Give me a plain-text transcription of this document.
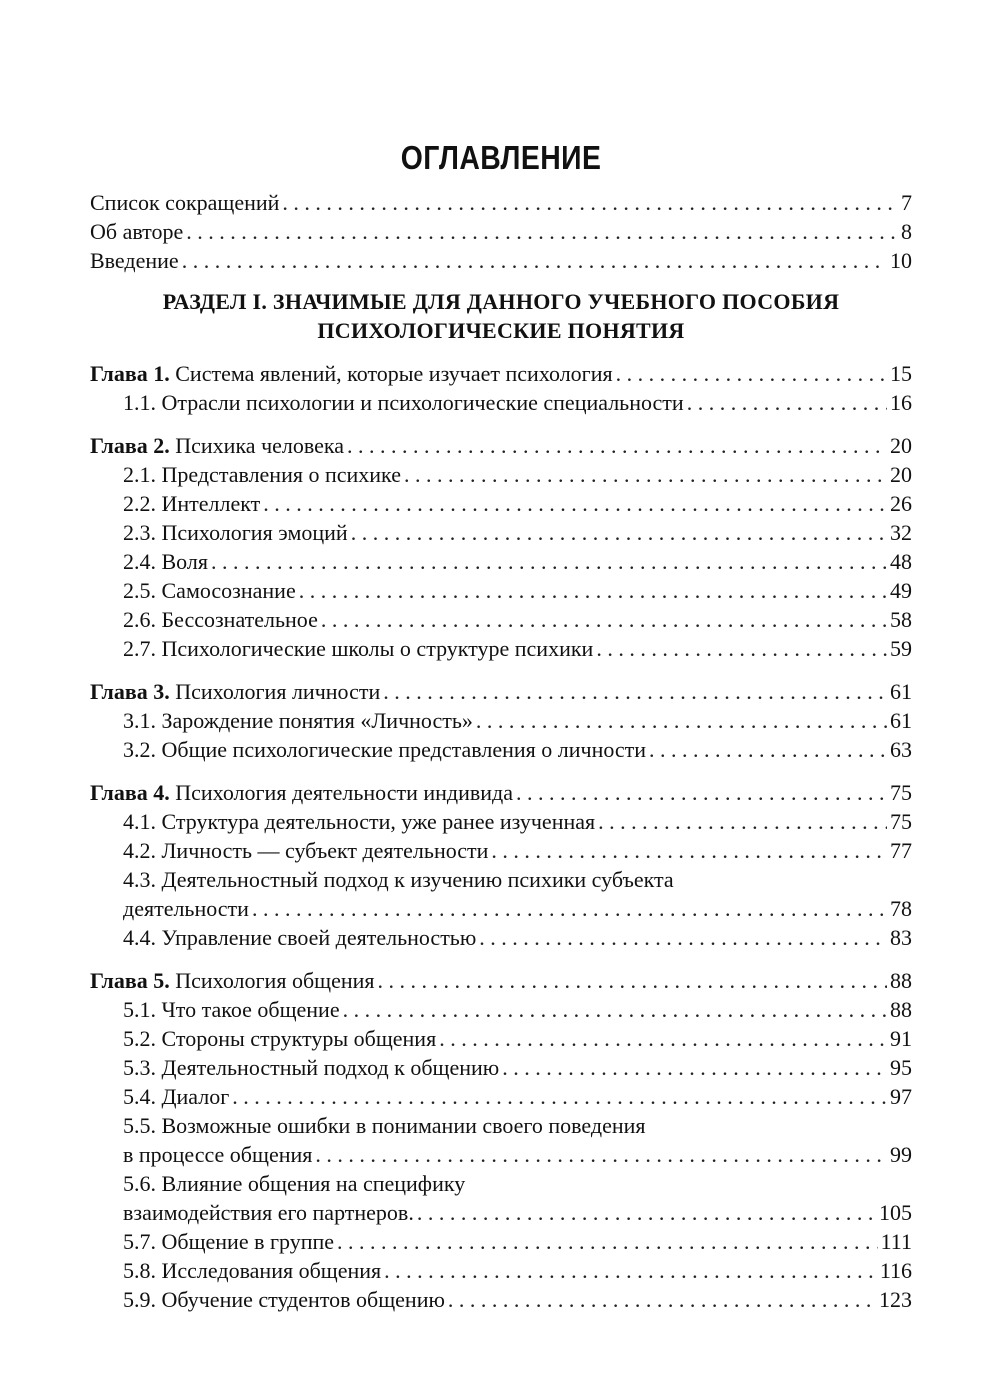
ОГЛАВЛЕНИЕ
Список сокращений . . .	7
Об авторе . . .	8
Введение . . .	10
РАЗДЕЛ I. ЗНАЧИМЫЕ ДЛЯ ДАННОГО УЧЕБНОГО ПОСОБИЯ
ПСИХОЛОГИЧЕСКИЕ ПОНЯТИЯ
Глава 1. Система явлений, которые изучает психология . . .	15
1.1. Отрасли психологии и психологические специальности . . .	16
Глава 2. Психика человека . . .	20
2.1. Представления о психике . . .	20
2.2. Интеллект . . .	26
2.3. Психология эмоций . . .	32
2.4. Воля . . .	48
2.5. Самосознание . . .	49
2.6. Бессознательное . . .	58
2.7. Психологические школы о структуре психики . . .	59
Глава 3. Психология личности . . .	61
3.1. Зарождение понятия «Личность» . . .	61
3.2. Общие психологические представления о личности . . .	63
Глава 4. Психология деятельности индивида . . .	75
4.1. Структура деятельности, уже ранее изученная . . .	75
4.2. Личность — субъект деятельности . . .	77
4.3. Деятельностный подход к изучению психики субъекта
деятельности . . .	78
4.4. Управление своей деятельностью . . .	83
Глава 5. Психология общения . . .	88
5.1. Что такое общение . . .	88
5.2. Стороны структуры общения . . .	91
5.3. Деятельностный подход к общению . . .	95
5.4. Диалог . . .	97
5.5. Возможные ошибки в понимании своего поведения
в процессе общения . . .	99
5.6. Влияние общения на специфику
взаимодействия его партнеров. . . .	105
5.7. Общение в группе . . .	111
5.8. Исследования общения . . .	116
5.9. Обучение студентов общению . . .	123
